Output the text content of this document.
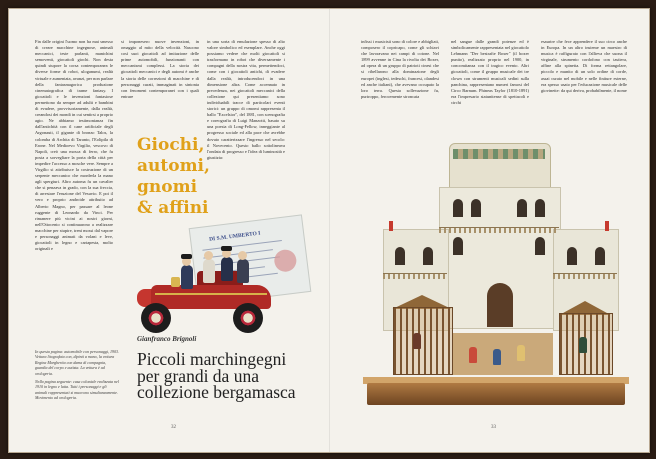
Fin dalle origini l'uomo non ha mai smesso di creare macchine ingegnose, animali meccanici, teste parlanti, manichini semoventi, giocattoli giochi. Non desta quindi stupore la corsa contemporanea le diverse forme di robot, uloganumi, realtà virtuale e aumentata, avanzi, per non parlare della fantasmagorica produzione cinematografica di trame fantasy. I giocattoli e le invenzioni fantasiose permettono da sempre ad adulti e bambini di evadere, provvisoriamente, dalla realtà, creandosi dei mondi in cui sentirsi a proprio agio. Ne abbiamo testimonianza fin dall'antichità con il cane artificiale degli Argonauti, il gigante di bronzo Talos, la colomba di Archita di Taranto, l'Eolipila di Erone. Nel Medioevo Virgilio, vescovo di Napoli, creò una mosca di ferro, che fu posta a sorvegliare la porta della città per impedire l'accesso a mosche vere. Sempre a Virgilio si attribuisce la costruzione di un serpente meccanico che morderla la mano agli spergiuri. Altro automa fu un cavalier che si penzava in grado, con la sua freccia, di arrestare l'eruzione del Vesuvio. E poi il vero e proprio androide attribuito ad Alberto Magno, per passare al leone ruggente di Leonardo da Vinci. Per rimanere più vicini ai nostri giorni, nell'Ottocento si continuarono a realizzare macchine per stupire, treni mossi dal vapore e personaggi animati da volani e leve, giocattoli in legno e cartapesta, molto originali e

si imponesero nuove invenzioni, in omaggio al mito della velocità. Nascono così suoi giocattoli ad imitazione delle prime automobili, funzionanti con meccanismi complessi. La storia dei giocattoli meccanici e degli automi è anche la storia delle correzioni di macchine e di personaggi curati, immaginati in sintonia con fenomeni contemporanei con i quali entrare

in una sorta di emulazione spesso di alto valore simbolico ed esemplare. Anche oggi possiamo vedere che molti giocattoli si trasformano in robot che diversamente i compagni della nostra vita, permettendoci, come con i giocattoli antichi, di evadere dalla realtà, introducendoci in una dimensione altra. Come accennato in precedenza, nei giocattoli meccanici della collezione qui presentiamo sono individuabili tracce di particolari eventi storici: un gruppo di omomi rappresenta il ballo "Excelsior", del 1881, con scenografia e coreografia di Luigi Manzotti, basato su una poesia di Long-Fellow, inneggiante al progresso sociale ed alla pace che avrebbe dovuto caratterizzare l'ingresso nel secolo: il Novecento. Questo ballo sottolineava l'ondata di progresso e l'idea di luminosità e giustizia:

Giochi, automi, gnomi & affini
DI S.M. UMBERTO I
Gianfranco Brignoli
Piccoli marchingegni per grandi da una collezione bergamasca

In questa pagina: automobile con personaggi, 1903. Vettura litografata con, dipinti a mano, la vettura Regina Margherita con dama di compagnia, guardia del corpo e autista. La vettura è ad orologeria.

Nella pagina seguente: casa coloniale realizzata nel 1910 in legno e latta. Tutti i personaggi e gli animali rappresentati si muovono simultaneamente. Movimento ad orologeria.

32

infissi i musicisti sono di colore e abbigliati, composero il copricapo, come gli schiavi che lavoravano nei campi di cotone. Nel 1899 avvenne in Cina la rivolta dei Boxer, ad opera di un gruppo di patrioti cinesi che si ribellarono alla dominazione degli europei (inglesi, tedeschi, francesi, olandesi ed anche italiani), che avevano occupato la loro terra. Questa sollevazione fu, purtroppo, ferocemente stroncata

nel sangue dalle grandi potenze ed è simbolicamente rappresentata nel giocattolo Lehmann "Der bestrafte Boxer" (il boxer punito), realizzato proprio nel 1900, in concomitanza con il tragico evento. Altri giocattoli, come il gruppo musicale dei tre clown con strumenti musicali sedini sulla panchina, rappresentano numeri famosi del Circo Barnum. Phineas Taylor (1810-1891) era l'impresario statunitense di spettacoli e circhi

esaurire che fece apprendere il suo circo anche in Europa. In un altro insieme un maestro di musica è raffigurato con l'allieva che suona il virginale, strumento cordofono con tastiera, affine alla spinetta. Di forma rettangolare, piccolo e munito di un solo ordine di corde, assai curato nel mobile e nelle finiture esterne, era spesso usato per l'educazione musicale delle giovinette: da qui deriva, probabilmente, il nome

33
